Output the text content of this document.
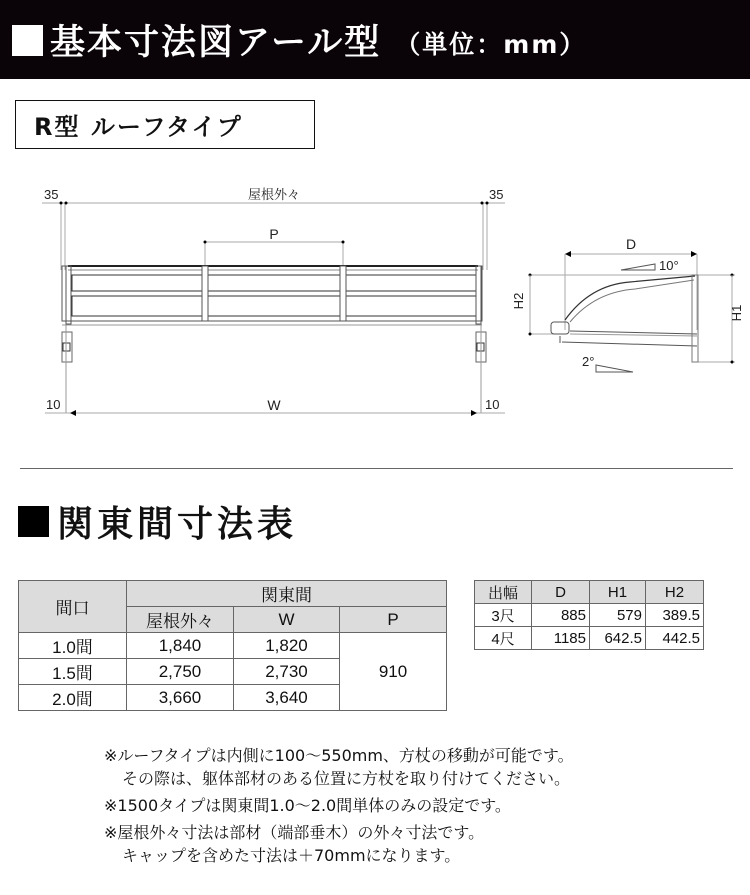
基本寸法図アール型 （単位：mm）
R型 ルーフタイプ
35	屋根外々	35
P
W
10	10
D
10°
2°
H2
H1
関東間寸法表
間口	関東間		
	屋根外々	W	P
1.0間	1,840	1,820	910
1.5間	2,750	2,730	
2.0間	3,660	3,640	
出幅	D	H1	H2
3尺	885	579	389.5
4尺	1185	642.5	442.5
※ルーフタイプは内側に100〜550mm、方杖の移動が可能です。
その際は、躯体部材のある位置に方杖を取り付けてください。
※1500タイプは関東間1.0〜2.0間単体のみの設定です。
※屋根外々寸法は部材（端部垂木）の外々寸法です。
キャップを含めた寸法は＋70mmになります。
